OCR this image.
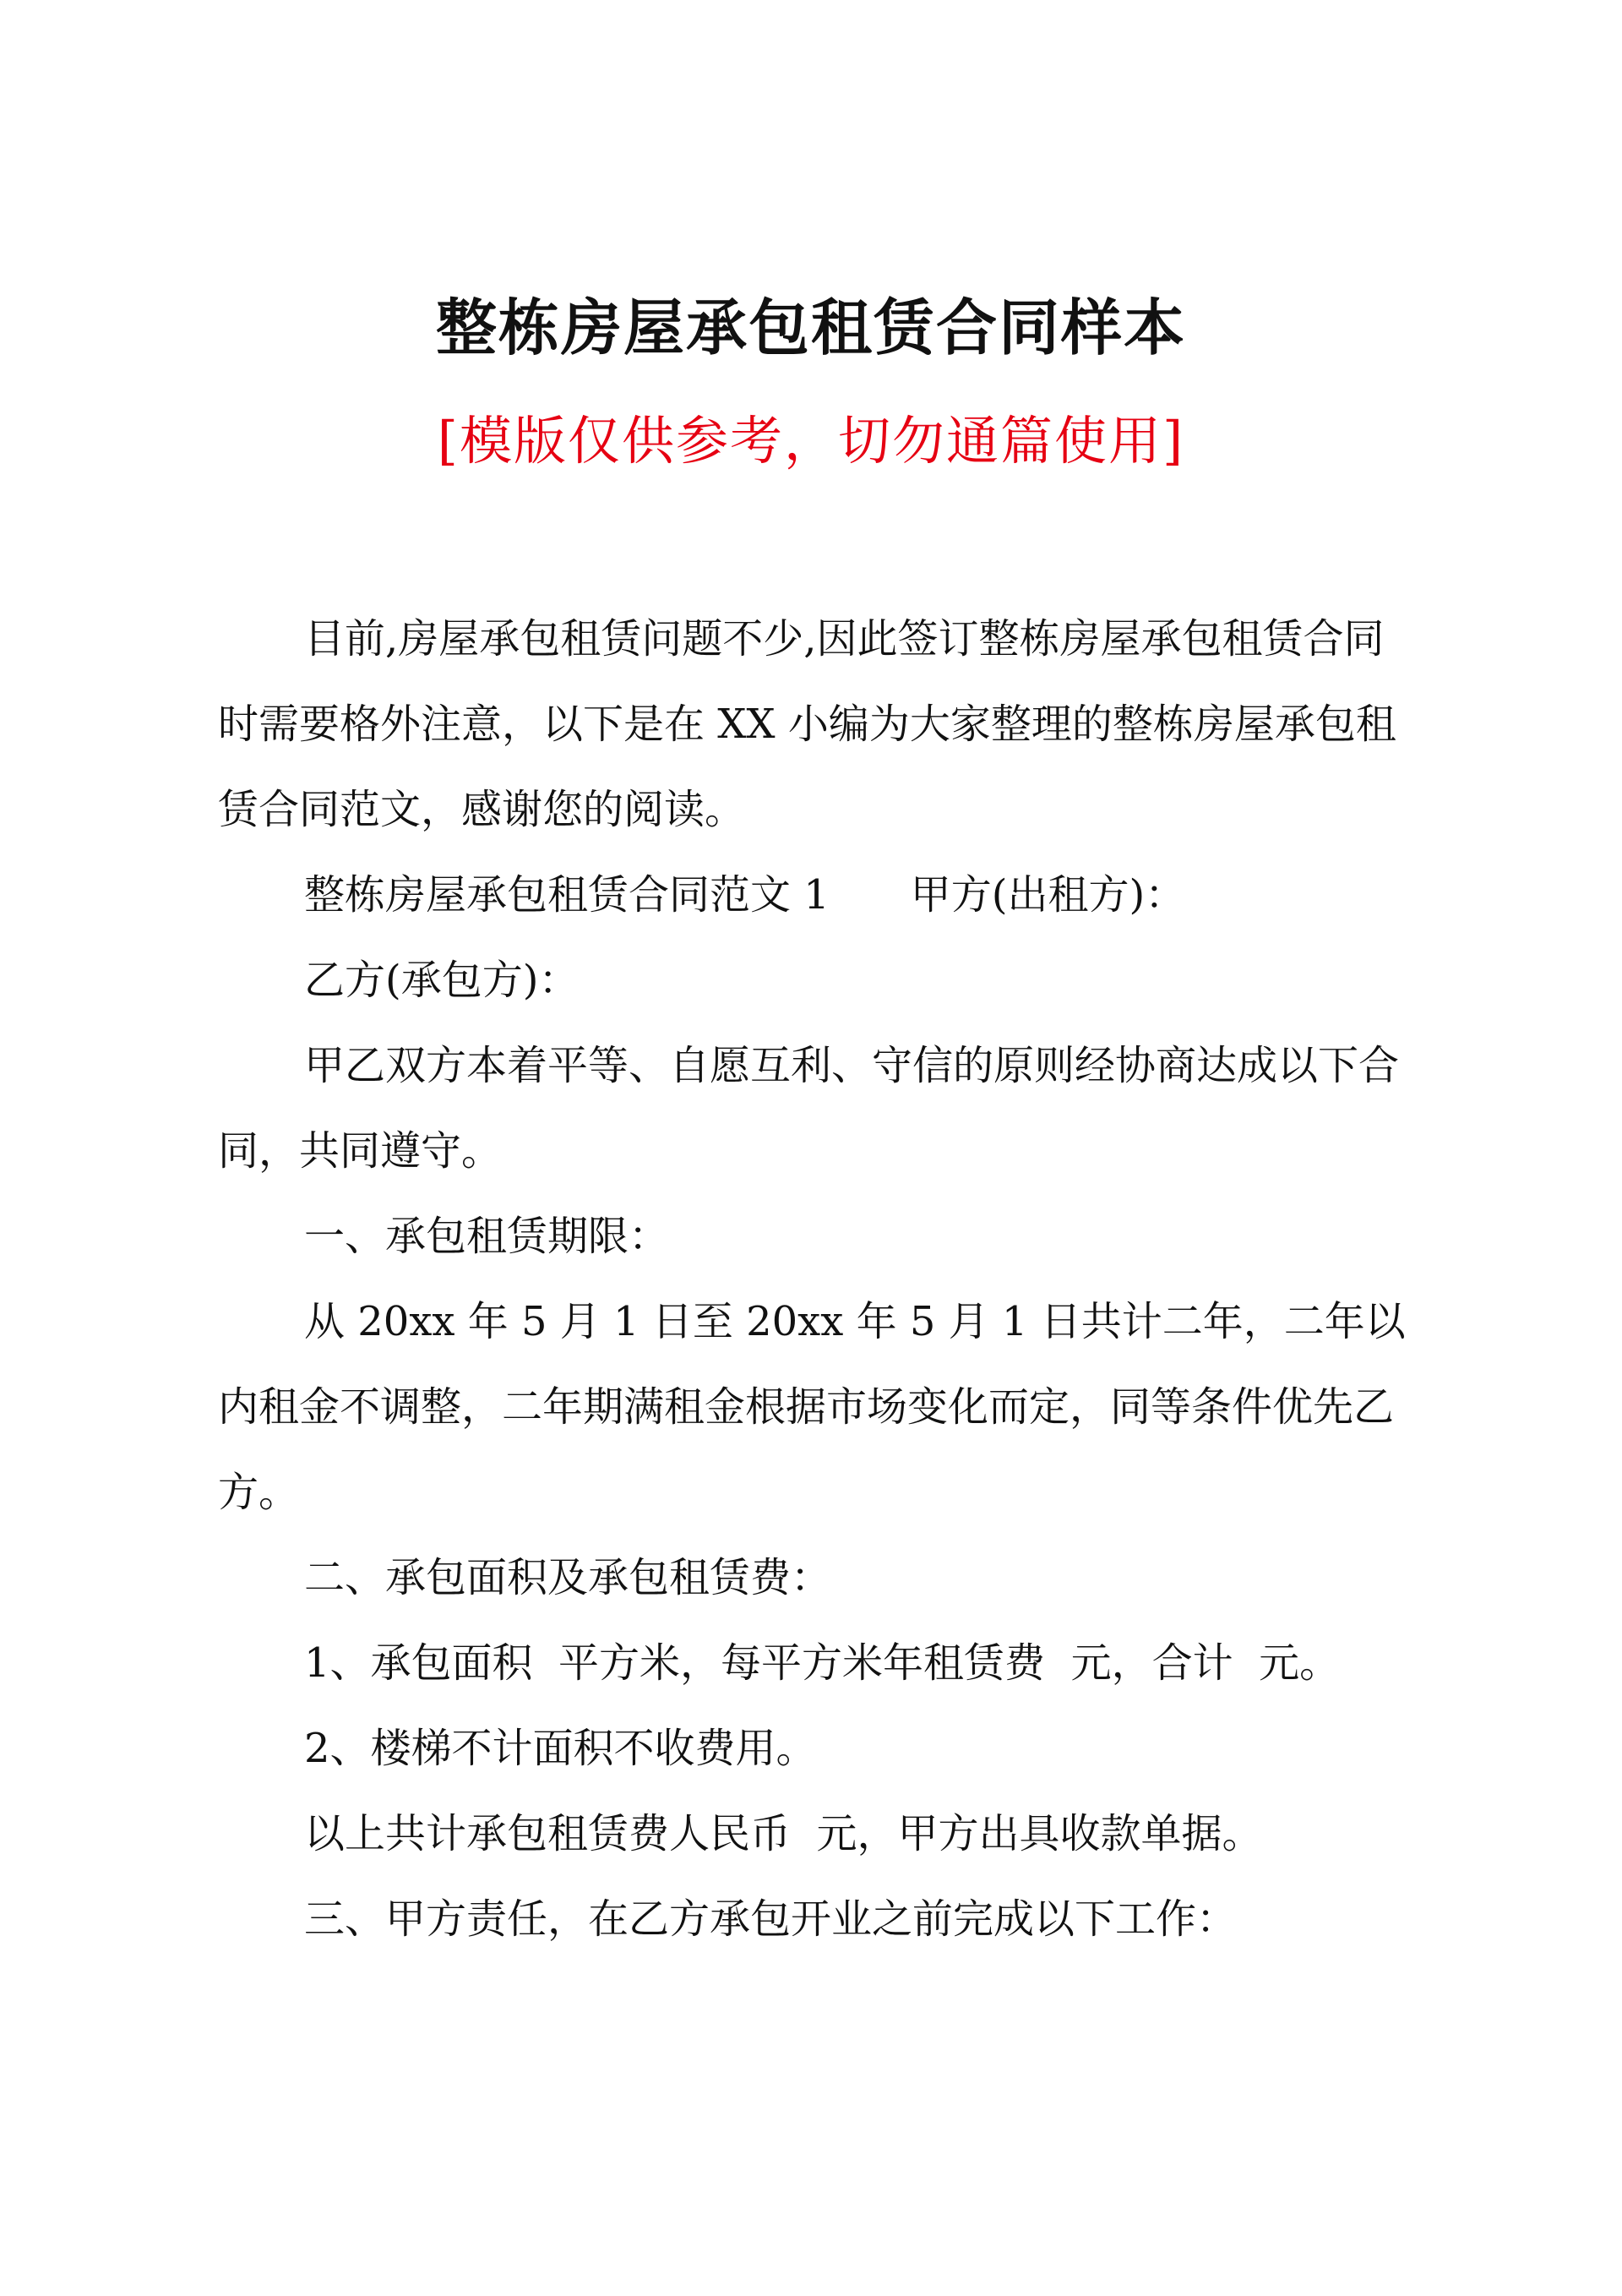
整栋房屋承包租赁合同样本

[模版仅供参考，切勿通篇使用]

目前,房屋承包租赁问题不少,因此签订整栋房屋承包租赁合同时需要格外注意，以下是在 XX 小编为大家整理的整栋房屋承包租赁合同范文，感谢您的阅读。

整栋房屋承包租赁合同范文 1　　甲方(出租方)：

乙方(承包方)：

甲乙双方本着平等、自愿互利、守信的原则经协商达成以下合同，共同遵守。

一、承包租赁期限：

从 20xx 年 5 月 1 日至 20xx 年 5 月 1 日共计二年，二年以内租金不调整，二年期满租金根据市场变化而定，同等条件优先乙方。

二、承包面积及承包租赁费：

1、承包面积  平方米，每平方米年租赁费  元，合计  元。

2、楼梯不计面积不收费用。

以上共计承包租赁费人民币  元，甲方出具收款单据。

三、甲方责任，在乙方承包开业之前完成以下工作：
